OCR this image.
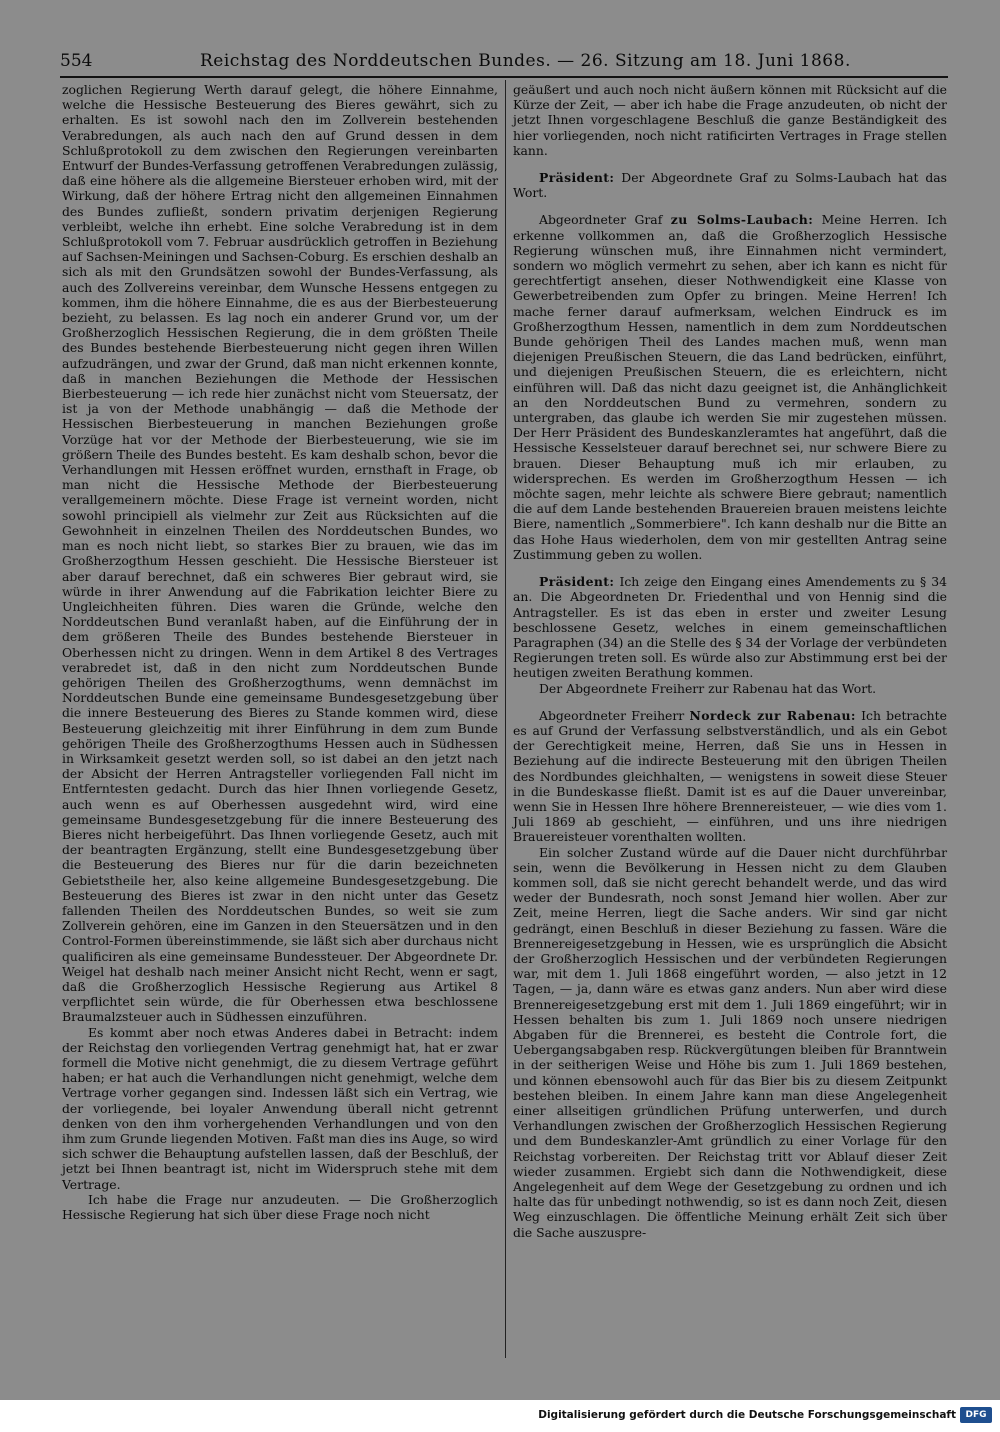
554	Reichstag des Norddeutschen Bundes. — 26. Sitzung am 18. Juni 1868.

zoglichen Regierung Werth darauf gelegt, die höhere Einnahme, welche die Hessische Besteuerung des Bieres gewährt, sich zu erhalten. Es ist sowohl nach den im Zollverein bestehenden Verabredungen, als auch nach den auf Grund dessen in dem Schlußprotokoll zu dem zwischen den Regierungen vereinbarten Entwurf der Bundes-Verfassung getroffenen Verabredungen zulässig, daß eine höhere als die allgemeine Biersteuer erhoben wird, mit der Wirkung, daß der höhere Ertrag nicht den allgemeinen Einnahmen des Bundes zufließt, sondern privatim derjenigen Regierung verbleibt, welche ihn erhebt. Eine solche Verabredung ist in dem Schlußprotokoll vom 7. Februar ausdrücklich getroffen in Beziehung auf Sachsen-Meiningen und Sachsen-Coburg. Es erschien deshalb an sich als mit den Grundsätzen sowohl der Bundes-Verfassung, als auch des Zollvereins vereinbar, dem Wunsche Hessens entgegen zu kommen, ihm die höhere Einnahme, die es aus der Bierbesteuerung bezieht, zu belassen. Es lag noch ein anderer Grund vor, um der Großherzoglich Hessischen Regierung, die in dem größten Theile des Bundes bestehende Bierbesteuerung nicht gegen ihren Willen aufzudrängen, und zwar der Grund, daß man nicht erkennen konnte, daß in manchen Beziehungen die Methode der Hessischen Bierbesteuerung — ich rede hier zunächst nicht vom Steuersatz, der ist ja von der Methode unabhängig — daß die Methode der Hessischen Bierbesteuerung in manchen Beziehungen große Vorzüge hat vor der Methode der Bierbesteuerung, wie sie im größern Theile des Bundes besteht. Es kam deshalb schon, bevor die Verhandlungen mit Hessen eröffnet wurden, ernsthaft in Frage, ob man nicht die Hessische Methode der Bierbesteuerung verallgemeinern möchte. Diese Frage ist verneint worden, nicht sowohl principiell als vielmehr zur Zeit aus Rücksichten auf die Gewohnheit in einzelnen Theilen des Norddeutschen Bundes, wo man es noch nicht liebt, so starkes Bier zu brauen, wie das im Großherzogthum Hessen geschieht. Die Hessische Biersteuer ist aber darauf berechnet, daß ein schweres Bier gebraut wird, sie würde in ihrer Anwendung auf die Fabrikation leichter Biere zu Ungleichheiten führen. Dies waren die Gründe, welche den Norddeutschen Bund veranlaßt haben, auf die Einführung der in dem größeren Theile des Bundes bestehende Biersteuer in Oberhessen nicht zu dringen. Wenn in dem Artikel 8 des Vertrages verabredet ist, daß in den nicht zum Norddeutschen Bunde gehörigen Theilen des Großherzogthums, wenn demnächst im Norddeutschen Bunde eine gemeinsame Bundesgesetzgebung über die innere Besteuerung des Bieres zu Stande kommen wird, diese Besteuerung gleichzeitig mit ihrer Einführung in dem zum Bunde gehörigen Theile des Großherzogthums Hessen auch in Südhessen in Wirksamkeit gesetzt werden soll, so ist dabei an den jetzt nach der Absicht der Herren Antragsteller vorliegenden Fall nicht im Entferntesten gedacht. Durch das hier Ihnen vorliegende Gesetz, auch wenn es auf Oberhessen ausgedehnt wird, wird eine gemeinsame Bundesgesetzgebung für die innere Besteuerung des Bieres nicht herbeigeführt. Das Ihnen vorliegende Gesetz, auch mit der beantragten Ergänzung, stellt eine Bundesgesetzgebung über die Besteuerung des Bieres nur für die darin bezeichneten Gebietstheile her, also keine allgemeine Bundesgesetzgebung. Die Besteuerung des Bieres ist zwar in den nicht unter das Gesetz fallenden Theilen des Norddeutschen Bundes, so weit sie zum Zollverein gehören, eine im Ganzen in den Steuersätzen und in den Control-Formen übereinstimmende, sie läßt sich aber durchaus nicht qualificiren als eine gemeinsame Bundessteuer. Der Abgeordnete Dr. Weigel hat deshalb nach meiner Ansicht nicht Recht, wenn er sagt, daß die Großherzoglich Hessische Regierung aus Artikel 8 verpflichtet sein würde, die für Oberhessen etwa beschlossene Braumalzsteuer auch in Südhessen einzuführen.

Es kommt aber noch etwas Anderes dabei in Betracht: indem der Reichstag den vorliegenden Vertrag genehmigt hat, hat er zwar formell die Motive nicht genehmigt, die zu diesem Vertrage geführt haben; er hat auch die Verhandlungen nicht genehmigt, welche dem Vertrage vorher gegangen sind. Indessen läßt sich ein Vertrag, wie der vorliegende, bei loyaler Anwendung überall nicht getrennt denken von den ihm vorhergehenden Verhandlungen und von den ihm zum Grunde liegenden Motiven. Faßt man dies ins Auge, so wird sich schwer die Behauptung aufstellen lassen, daß der Beschluß, der jetzt bei Ihnen beantragt ist, nicht im Widerspruch stehe mit dem Vertrage.

Ich habe die Frage nur anzudeuten. — Die Großherzoglich Hessische Regierung hat sich über diese Frage noch nicht

geäußert und auch noch nicht äußern können mit Rücksicht auf die Kürze der Zeit, — aber ich habe die Frage anzudeuten, ob nicht der jetzt Ihnen vorgeschlagene Beschluß die ganze Beständigkeit des hier vorliegenden, noch nicht ratificirten Vertrages in Frage stellen kann.

Präsident: Der Abgeordnete Graf zu Solms-Laubach hat das Wort.

Abgeordneter Graf zu Solms-Laubach: Meine Herren. Ich erkenne vollkommen an, daß die Großherzoglich Hessische Regierung wünschen muß, ihre Einnahmen nicht vermindert, sondern wo möglich vermehrt zu sehen, aber ich kann es nicht für gerechtfertigt ansehen, dieser Nothwendigkeit eine Klasse von Gewerbetreibenden zum Opfer zu bringen. Meine Herren! Ich mache ferner darauf aufmerksam, welchen Eindruck es im Großherzogthum Hessen, namentlich in dem zum Norddeutschen Bunde gehörigen Theil des Landes machen muß, wenn man diejenigen Preußischen Steuern, die das Land bedrücken, einführt, und diejenigen Preußischen Steuern, die es erleichtern, nicht einführen will. Daß das nicht dazu geeignet ist, die Anhänglichkeit an den Norddeutschen Bund zu vermehren, sondern zu untergraben, das glaube ich werden Sie mir zugestehen müssen. Der Herr Präsident des Bundeskanzleramtes hat angeführt, daß die Hessische Kesselsteuer darauf berechnet sei, nur schwere Biere zu brauen. Dieser Behauptung muß ich mir erlauben, zu widersprechen. Es werden im Großherzogthum Hessen — ich möchte sagen, mehr leichte als schwere Biere gebraut; namentlich die auf dem Lande bestehenden Brauereien brauen meistens leichte Biere, namentlich „Sommerbiere". Ich kann deshalb nur die Bitte an das Hohe Haus wiederholen, dem von mir gestellten Antrag seine Zustimmung geben zu wollen.

Präsident: Ich zeige den Eingang eines Amendements zu § 34 an. Die Abgeordneten Dr. Friedenthal und von Hennig sind die Antragsteller. Es ist das eben in erster und zweiter Lesung beschlossene Gesetz, welches in einem gemeinschaftlichen Paragraphen (34) an die Stelle des § 34 der Vorlage der verbündeten Regierungen treten soll. Es würde also zur Abstimmung erst bei der heutigen zweiten Berathung kommen.

Der Abgeordnete Freiherr zur Rabenau hat das Wort.

Abgeordneter Freiherr Nordeck zur Rabenau: Ich betrachte es auf Grund der Verfassung selbstverständlich, und als ein Gebot der Gerechtigkeit meine, Herren, daß Sie uns in Hessen in Beziehung auf die indirecte Besteuerung mit den übrigen Theilen des Nordbundes gleichhalten, — wenigstens in soweit diese Steuer in die Bundeskasse fließt. Damit ist es auf die Dauer unvereinbar, wenn Sie in Hessen Ihre höhere Brennereisteuer, — wie dies vom 1. Juli 1869 ab geschieht, — einführen, und uns ihre niedrigen Brauereisteuer vorenthalten wollten.

Ein solcher Zustand würde auf die Dauer nicht durchführbar sein, wenn die Bevölkerung in Hessen nicht zu dem Glauben kommen soll, daß sie nicht gerecht behandelt werde, und das wird weder der Bundesrath, noch sonst Jemand hier wollen. Aber zur Zeit, meine Herren, liegt die Sache anders. Wir sind gar nicht gedrängt, einen Beschluß in dieser Beziehung zu fassen. Wäre die Brennereigesetzgebung in Hessen, wie es ursprünglich die Absicht der Großherzoglich Hessischen und der verbündeten Regierungen war, mit dem 1. Juli 1868 eingeführt worden, — also jetzt in 12 Tagen, — ja, dann wäre es etwas ganz anders. Nun aber wird diese Brennereigesetzgebung erst mit dem 1. Juli 1869 eingeführt; wir in Hessen behalten bis zum 1. Juli 1869 noch unsere niedrigen Abgaben für die Brennerei, es besteht die Controle fort, die Uebergangsabgaben resp. Rückvergütungen bleiben für Branntwein in der seitherigen Weise und Höhe bis zum 1. Juli 1869 bestehen, und können ebensowohl auch für das Bier bis zu diesem Zeitpunkt bestehen bleiben. In einem Jahre kann man diese Angelegenheit einer allseitigen gründlichen Prüfung unterwerfen, und durch Verhandlungen zwischen der Großherzoglich Hessischen Regierung und dem Bundeskanzler-Amt gründlich zu einer Vorlage für den Reichstag vorbereiten. Der Reichstag tritt vor Ablauf dieser Zeit wieder zusammen. Ergiebt sich dann die Nothwendigkeit, diese Angelegenheit auf dem Wege der Gesetzgebung zu ordnen und ich halte das für unbedingt nothwendig, so ist es dann noch Zeit, diesen Weg einzuschlagen. Die öffentliche Meinung erhält Zeit sich über die Sache auszuspre-

Digitalisierung gefördert durch die Deutsche Forschungsgemeinschaft	DFG
